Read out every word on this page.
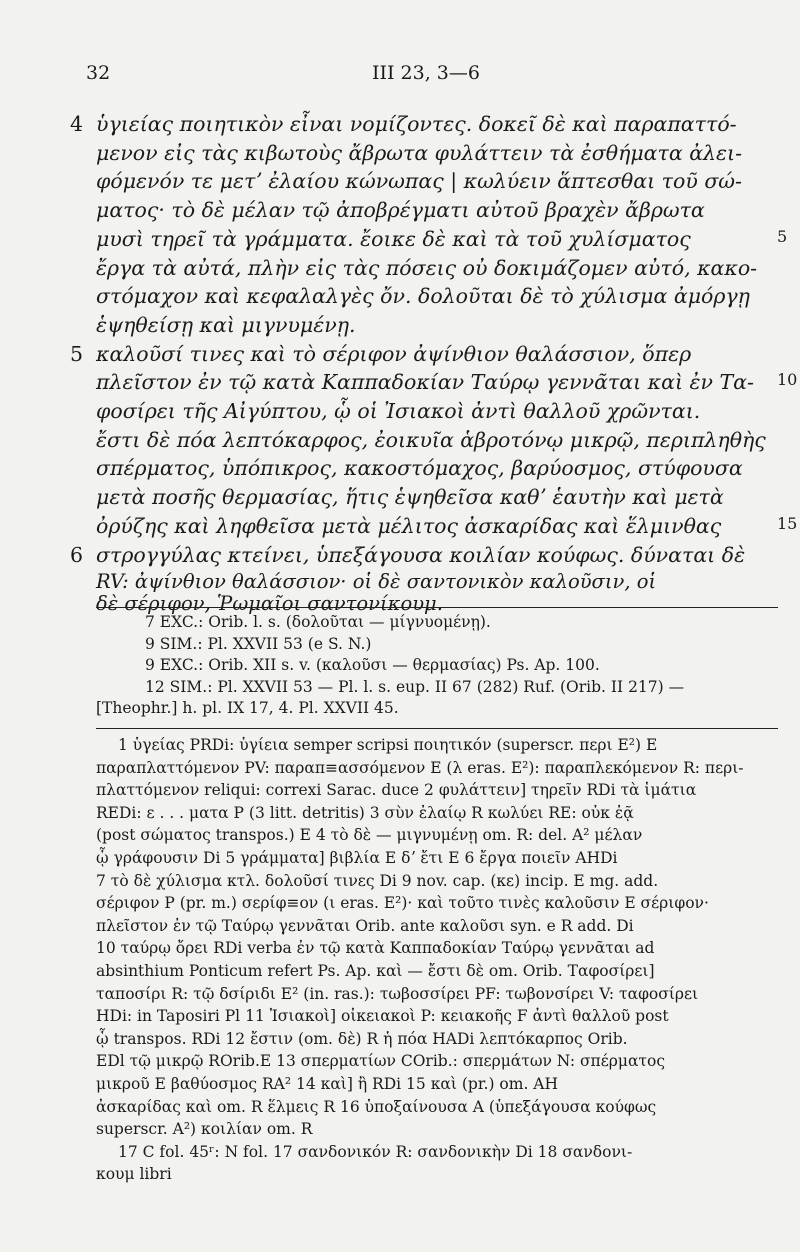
32	III 23, 3—6
4 ὑγιείας ποιητικὸν εἶναι νομίζοντες. δοκεῖ δὲ καὶ παραπαττό-
μενον εἰς τὰς κιβωτοὺς ἄβρωτα φυλάττειν τὰ ἐσθήματα ἀλει-
φόμενόν τε μετʼ ἐλαίου κώνωπας | κωλύειν ἅπτεσθαι τοῦ σώ-
ματος· τὸ δὲ μέλαν τῷ ἀποβρέγματι αὐτοῦ βραχὲν ἄβρωτα
μυσὶ τηρεῖ τὰ γράμματα. ἔοικε δὲ καὶ τὰ τοῦ χυλίσματος	5
ἔργα τὰ αὐτά, πλὴν εἰς τὰς πόσεις οὐ δοκιμάζομεν αὐτό, κακο-
στόμαχον καὶ κεφαλαλγὲς ὄν. δολοῦται δὲ τὸ χύλισμα ἀμόργῃ
ἑψηθείσῃ καὶ μιγνυμένῃ.
5 καλοῦσί τινες καὶ τὸ σέριφον ἀψίνθιον θαλάσσιον, ὅπερ
πλεῖστον ἐν τῷ κατὰ Καππαδοκίαν Ταύρῳ γεννᾶται καὶ ἐν Τα- 10
φοσίρει τῆς Αἰγύπτου, ᾧ οἱ Ἰσιακοὶ ἀντὶ θαλλοῦ χρῶνται.
ἔστι δὲ πόα λεπτόκαρφος, ἐοικυῖα ἁβροτόνῳ μικρῷ, περιπληθὴς
σπέρματος, ὑπόπικρος, κακοστόμαχος, βαρύοσμος, στύφουσα
μετὰ ποσῆς θερμασίας, ἥτις ἑψηθεῖσα καθʼ ἑαυτὴν καὶ μετὰ
ὀρύζης καὶ ληφθεῖσα μετὰ μέλιτος ἀσκαρίδας καὶ ἕλμινθας	15
6 στρογγύλας κτείνει, ὑπεξάγουσα κοιλίαν κούφως. δύναται δὲ
RV: ἀψίνθιον θαλάσσιον· οἱ δὲ σαντονικὸν καλοῦσιν, οἱ
δὲ σέριφον, Ῥωμαῖοι σαντονίκουμ.
7 EXC.: Orib. l. s. (δολοῦται — μίγνυομένῃ).
9 SIM.: Pl. XXVII 53 (e S. N.)
9 EXC.: Orib. XII s. v. (καλοῦσι — θερμασίας) Ps. Ap. 100.
12 SIM.: Pl. XXVII 53 — Pl. l. s. eup. II 67 (282) Ruf. (Orib. II 217) —
[Theophr.] h. pl. IX 17, 4. Pl. XXVII 45.
1 ὑγείας PRDi: ὑγίεια semper scripsi ποιητικόν (superscr. περι E²) E
παραπλαττόμενον PV: παραπ≡ασσόμενον E (λ eras. E²): παραπλεκόμενον R: περι-
πλαττόμενον reliqui: correxi Sarac. duce 2 φυλάττειν] τηρεῖν RDi τὰ ἱμάτια
REDi: ε . . . ματα P (3 litt. detritis) 3 σὺν ἐλαίῳ R κωλύει RE: οὐκ ἐᾷ
(post σώματος transpos.) E 4 τὸ δὲ — μιγνυμένῃ om. R: del. A² μέλαν
ᾧ γράφουσιν Di 5 γράμματα] βιβλία E δʼ ἔτι E 6 ἔργα ποιεῖν AHDi
7 τὸ δὲ χύλισμα κτλ. δολοῦσί τινες Di 9 nov. cap. (κε) incip. E mg. add.
σέριφον P (pr. m.) σερίφ≡ον (ι eras. E²)· καὶ τοῦτο τινὲς καλοῦσιν E σέριφον·
πλεῖστον ἐν τῷ Ταύρῳ γεννᾶται Orib. ante καλοῦσι syn. e R add. Di
10 ταύρῳ ὄρει RDi verba ἐν τῷ κατὰ Καππαδοκίαν Ταύρῳ γεννᾶται ad
absinthium Ponticum refert Ps. Ap. καὶ — ἔστι δὲ om. Orib. Ταφοσίρει]
ταποσίρι R: τῷ δσίριδι E² (in. ras.): τωβοσσίρει PF: τωβονσίρει V: ταφοσίρει
HDi: in Taposiri Pl 11 Ἰσιακοὶ] οἰκειακοὶ P: κειακοῆς F ἀντὶ θαλλοῦ post
ᾧ transpos. RDi 12 ἔστιν (om. δὲ) R ἡ πόα HADi λεπτόκαρπος Orib.
EDl τῷ μικρῷ ROrib.E 13 σπερματίων COrib.: σπερμάτων N: σπέρματος
μικροῦ E βαθύοσμος RA² 14 καὶ] ἢ RDi 15 καὶ (pr.) om. AH
ἀσκαρίδας καὶ om. R ἕλμεις R 16 ὑποξαίνουσα A (ὑπεξάγουσα κούφως
superscr. A²) κοιλίαν om. R
17 C fol. 45ʳ: N fol. 17 σανδονικόν R: σανδονικὴν Di 18 σανδονι-
κουμ libri
